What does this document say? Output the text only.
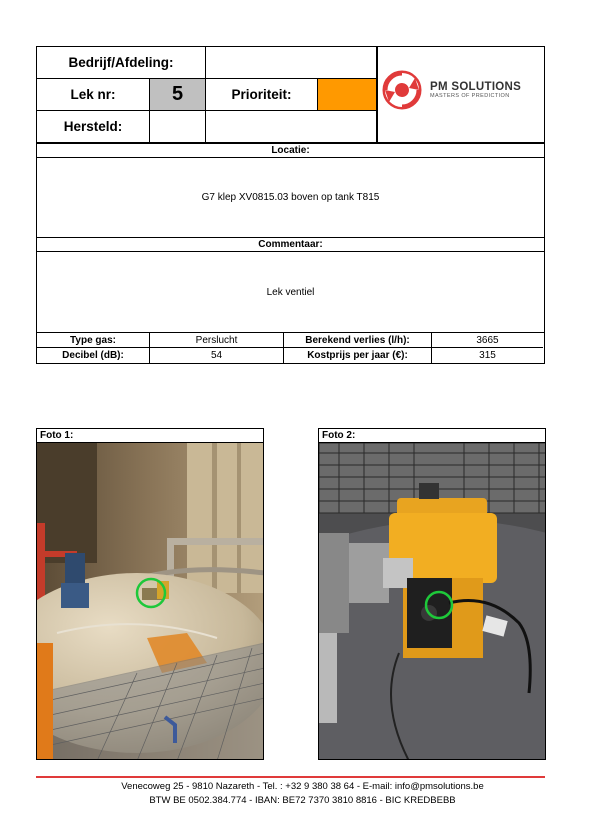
Bedrijf/Afdeling:
Lek nr:	5	Prioriteit:
Hersteld:
PM SOLUTIONS
MASTERS OF PREDICTION
Locatie:
G7 klep XV0815.03 boven op tank T815
Commentaar:
Lek ventiel
Type gas:	Perslucht	Berekend verlies (l/h):	3665
Decibel (dB):	54	Kostprijs per jaar (€):	315
Foto 1:	Foto 2:
Venecoweg 25 - 9810 Nazareth - Tel. : +32 9 380 38 64 - E-mail: info@pmsolutions.be
BTW BE 0502.384.774 - IBAN: BE72 7370 3810 8816 - BIC KREDBEBB
